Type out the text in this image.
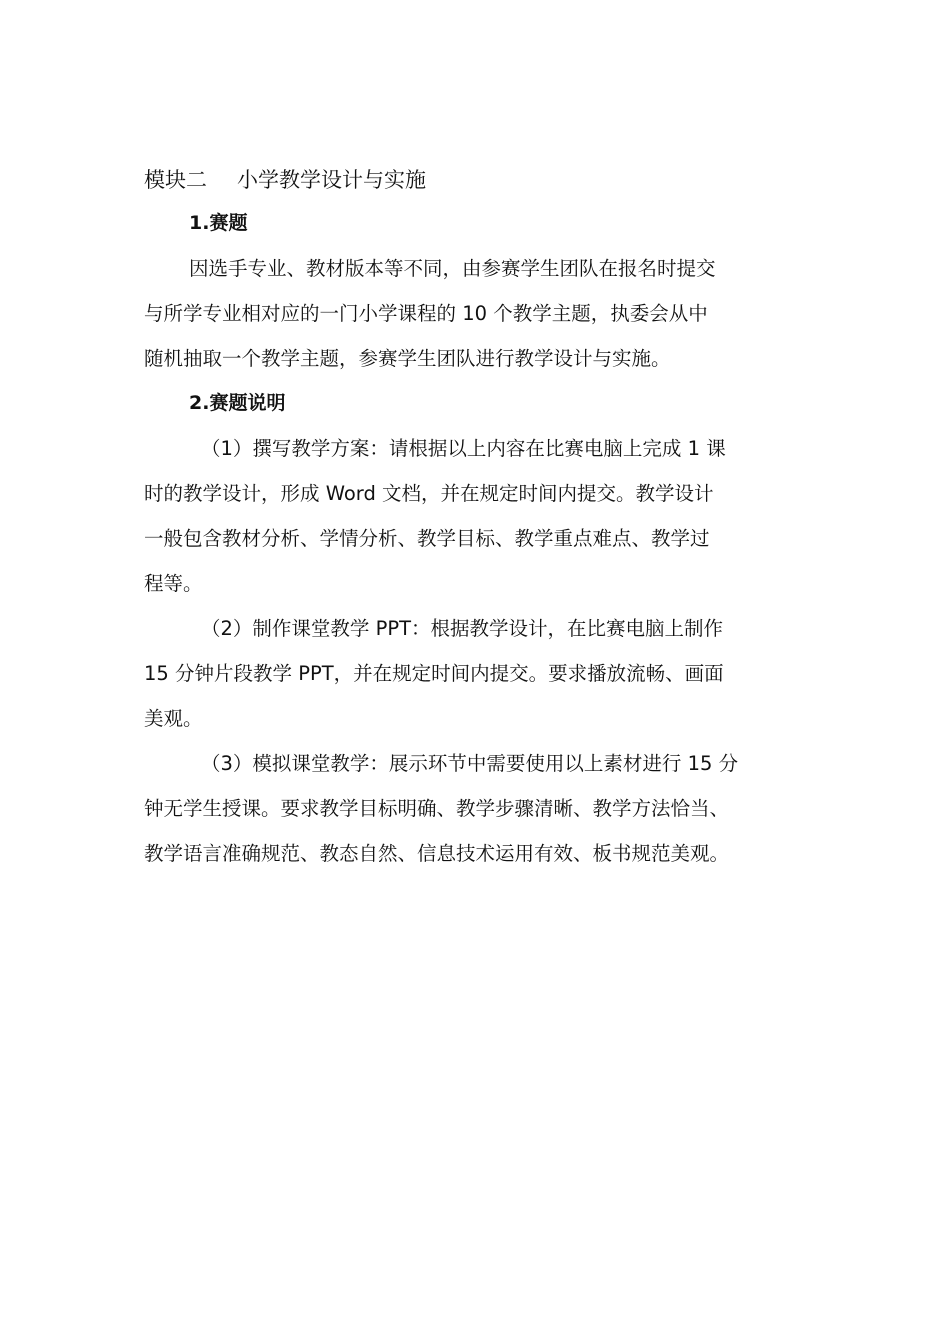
模块二 小学教学设计与实施
1.赛题
因选手专业、教材版本等不同，由参赛学生团队在报名时提交
与所学专业相对应的一门小学课程的 10 个教学主题，执委会从中
随机抽取一个教学主题，参赛学生团队进行教学设计与实施。
2.赛题说明
（1）撰写教学方案：请根据以上内容在比赛电脑上完成 1 课
时的教学设计，形成 Word 文档，并在规定时间内提交。教学设计
一般包含教材分析、学情分析、教学目标、教学重点难点、教学过
程等。
（2）制作课堂教学 PPT：根据教学设计，在比赛电脑上制作
15 分钟片段教学 PPT，并在规定时间内提交。要求播放流畅、画面
美观。
（3）模拟课堂教学：展示环节中需要使用以上素材进行 15 分
钟无学生授课。要求教学目标明确、教学步骤清晰、教学方法恰当、
教学语言准确规范、教态自然、信息技术运用有效、板书规范美观。
